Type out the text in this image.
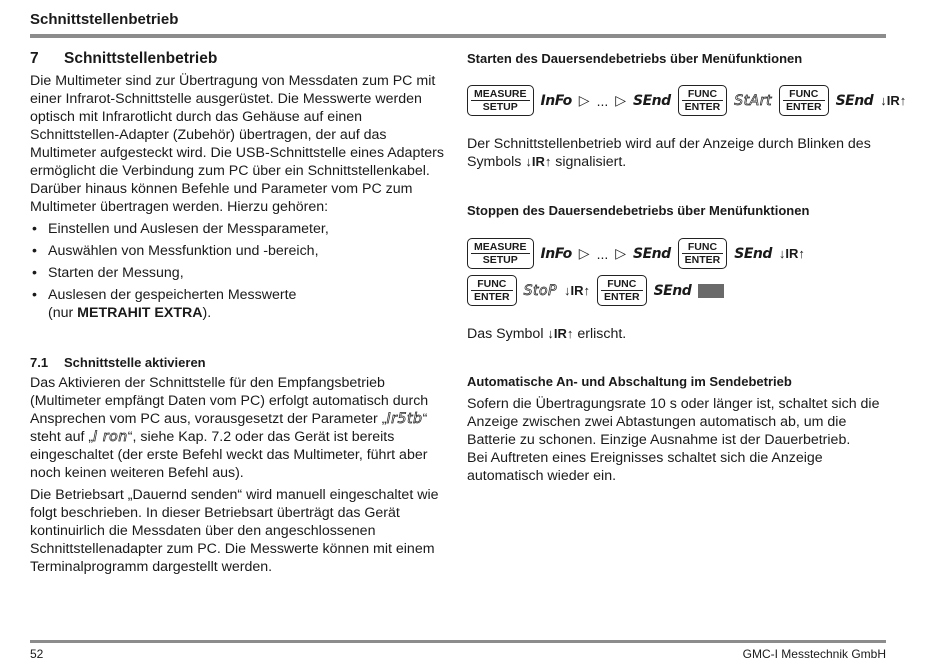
Schnittstellenbetrieb
7 Schnittstellenbetrieb

Die Multimeter sind zur Übertragung von Messdaten zum PC mit einer Infrarot-Schnittstelle ausgerüstet. Die Messwerte werden optisch mit Infrarotlicht durch das Gehäuse auf einen Schnittstellen-Adapter (Zubehör) übertragen, der auf das Multimeter aufgesteckt wird. Die USB-Schnittstelle eines Adapters ermöglicht die Verbindung zum PC über ein Schnittstellenkabel.

Darüber hinaus können Befehle und Parameter vom PC zum Multimeter übertragen werden. Hierzu gehören:

• Einstellen und Auslesen der Messparameter,
• Auswählen von Messfunktion und -bereich,
• Starten der Messung,
• Auslesen der gespeicherten Messwerte
(nur METRAHIT EXTRA).
7.1 Schnittstelle aktivieren

Das Aktivieren der Schnittstelle für den Empfangsbetrieb (Multimeter empfängt Daten vom PC) erfolgt automatisch durch Ansprechen vom PC aus, vorausgesetzt der Parameter „Ir5tb“ steht auf „I ron“, siehe Kap. 7.2 oder das Gerät ist bereits eingeschaltet (der erste Befehl weckt das Multimeter, führt aber noch keinen weiteren Befehl aus).

Die Betriebsart „Dauernd senden“ wird manuell eingeschaltet wie folgt beschrieben. In dieser Betriebsart überträgt das Gerät kontinuirlich die Messdaten über den angeschlossenen Schnittstellenadapter zum PC. Die Messwerte können mit einem Terminalprogramm dargestellt werden.

Starten des Dauersendebetriebs über Menüfunktionen
MEASURE
SETUP	InFo ▷ ... ▷ SEnd	FUNC
ENTER StArt	FUNC
ENTER SEnd ↓IR↑

Der Schnittstellenbetrieb wird auf der Anzeige durch Blinken des Symbols ↓IR↑ signalisiert.

Stoppen des Dauersendebetriebs über Menüfunktionen
MEASURE
SETUP	InFo ▷ ... ▷ SEnd	FUNC
ENTER SEnd ↓IR↑
FUNC
ENTER StoP ↓IR↑	FUNC
ENTER SEnd

Das Symbol ↓IR↑ erlischt.

Automatische An- und Abschaltung im Sendebetrieb

Sofern die Übertragungsrate 10 s oder länger ist, schaltet sich die Anzeige zwischen zwei Abtastungen automatisch ab, um die Batterie zu schonen. Einzige Ausnahme ist der Dauerbetrieb.

Bei Auftreten eines Ereignisses schaltet sich die Anzeige automatisch wieder ein.

52	GMC-I Messtechnik GmbH
